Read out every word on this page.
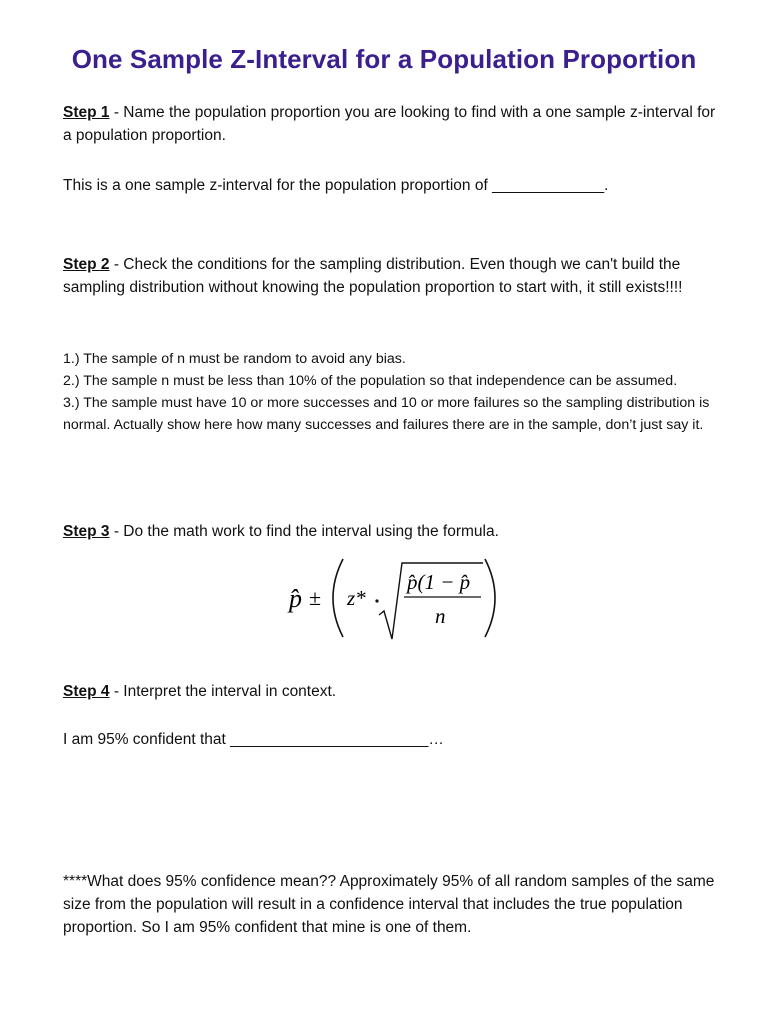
One Sample Z-Interval for a Population Proportion

Step 1 - Name the population proportion you are looking to find with a one sample z-interval for a population proportion.

This is a one sample z-interval for the population proportion of _____________.

Step 2 - Check the conditions for the sampling distribution. Even though we can't build the sampling distribution without knowing the population proportion to start with, it still exists!!!!

1.) The sample of n must be random to avoid any bias.
2.) The sample n must be less than 10% of the population so that independence can be assumed.
3.) The sample must have 10 or more successes and 10 or more failures so the sampling distribution is normal. Actually show here how many successes and failures there are in the sample, don’t just say it.

Step 3 - Do the math work to find the interval using the formula.

p̂ ± z*
p̂(1 − p̂
n

Step 4 - Interpret the interval in context.

I am 95% confident that _______________________…

****What does 95% confidence mean?? Approximately 95% of all random samples of the same size from the population will result in a confidence interval that includes the true population proportion. So I am 95% confident that mine is one of them.
